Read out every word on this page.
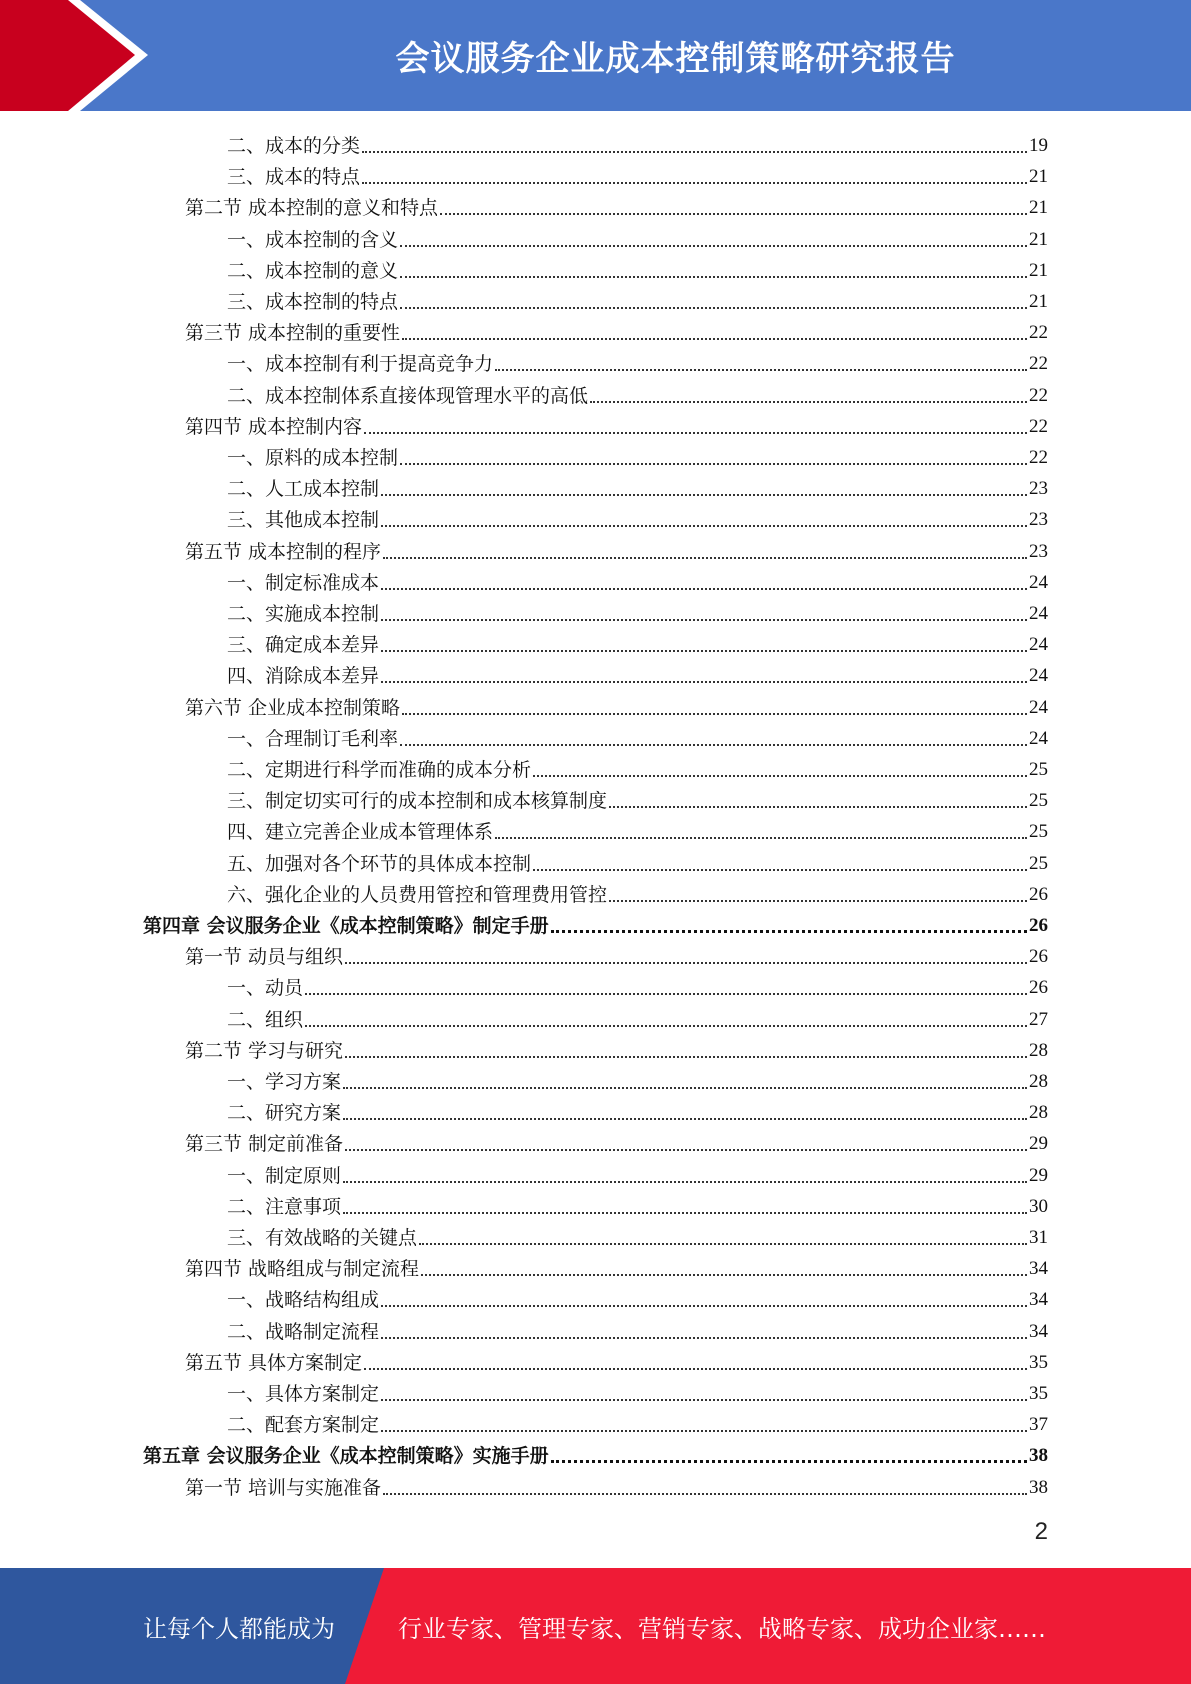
会议服务企业成本控制策略研究报告
二、成本的分类	19
三、成本的特点	21
第二节 成本控制的意义和特点	21
一、成本控制的含义	21
二、成本控制的意义	21
三、成本控制的特点	21
第三节 成本控制的重要性	22
一、成本控制有利于提高竞争力	22
二、成本控制体系直接体现管理水平的高低	22
第四节 成本控制内容	22
一、原料的成本控制	22
二、人工成本控制	23
三、其他成本控制	23
第五节 成本控制的程序	23
一、制定标准成本	24
二、实施成本控制	24
三、确定成本差异	24
四、消除成本差异	24
第六节 企业成本控制策略	24
一、合理制订毛利率	24
二、定期进行科学而准确的成本分析	25
三、制定切实可行的成本控制和成本核算制度	25
四、建立完善企业成本管理体系	25
五、加强对各个环节的具体成本控制	25
六、强化企业的人员费用管控和管理费用管控	26
第四章 会议服务企业《成本控制策略》制定手册	26
第一节 动员与组织	26
一、动员	26
二、组织	27
第二节 学习与研究	28
一、学习方案	28
二、研究方案	28
第三节 制定前准备	29
一、制定原则	29
二、注意事项	30
三、有效战略的关键点	31
第四节 战略组成与制定流程	34
一、战略结构组成	34
二、战略制定流程	34
第五节 具体方案制定	35
一、具体方案制定	35
二、配套方案制定	37
第五章 会议服务企业《成本控制策略》实施手册	38
第一节 培训与实施准备	38
2
让每个人都能成为	行业专家、管理专家、营销专家、战略专家、成功企业家……
